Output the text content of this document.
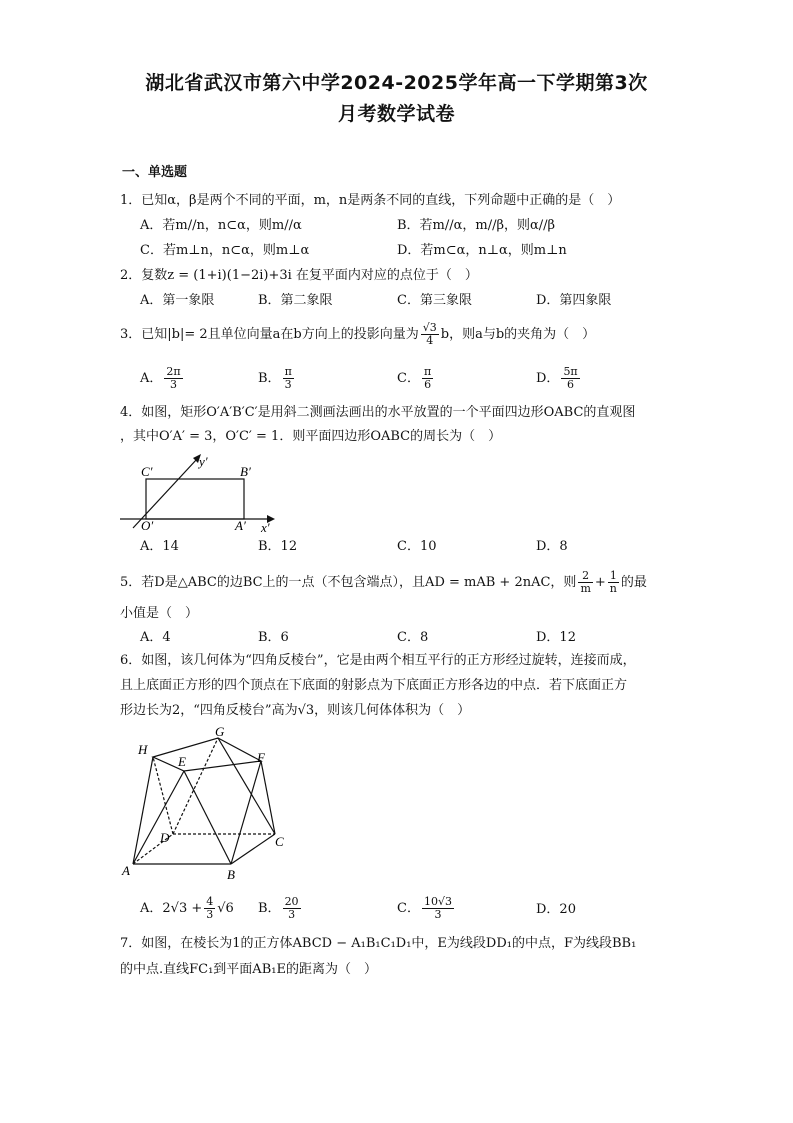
湖北省武汉市第六中学2024-2025学年高一下学期第3次
月考数学试卷
一、单选题
1．已知α，β是两个不同的平面，m，n是两条不同的直线，下列命题中正确的是（　）
A．若m//n，n⊂α，则m//α	B．若m//α，m//β，则α//β
C．若m⊥n，n⊂α，则m⊥α	D．若m⊂α，n⊥α，则m⊥n
2．复数z = (1+i)(1−2i)+3i 在复平面内对应的点位于（　）
A．第一象限	B．第二象限	C．第三象限	D．第四象限
3．已知|b|= 2且单位向量a在b方向上的投影向量为 $\frac{√3}{4}$ b，则a与b的夹角为（　）
A． $\frac{2\pi}{3}$	B． $\frac{\pi}{3}$	C． $\frac{\pi}{6}$	D． $\frac{5\pi}{6}$
4．如图，矩形O′A′B′C′是用斜二测画法画出的水平放置的一个平面四边形OABC的直观图
，其中O′A′ = 3，O′C′ = 1．则平面四边形OABC的周长为（　）
C′	B′
O′	A′ x′
y′
A．14	B．12	C．10	D．8
5．若D是△ABC的边BC上的一点（不包含端点），且AD = mAB + 2nAC，则 $\frac{2}{m} + \frac{1}{n}$ 的最
小值是（　）
A．4	B．6	C．8	D．12
6．如图，该几何体为“四角反棱台”，它是由两个相互平行的正方形经过旋转，连接而成，
且上底面正方形的四个顶点在下底面的射影点为下底面正方形各边的中点．若下底面正方
形边长为2，“四角反棱台”高为√3，则该几何体体积为（　）
H
G
E	F
D	C
A	B
A．$2√3 + \frac{4}{3} √6$ B． $\frac{20}{3}$	C． $\frac{10√3}{3}$	D．20
7．如图，在棱长为1的正方体ABCD − A₁B₁C₁D₁中，E为线段DD₁的中点，F为线段BB₁
的中点.直线FC₁到平面AB₁E的距离为（　）
